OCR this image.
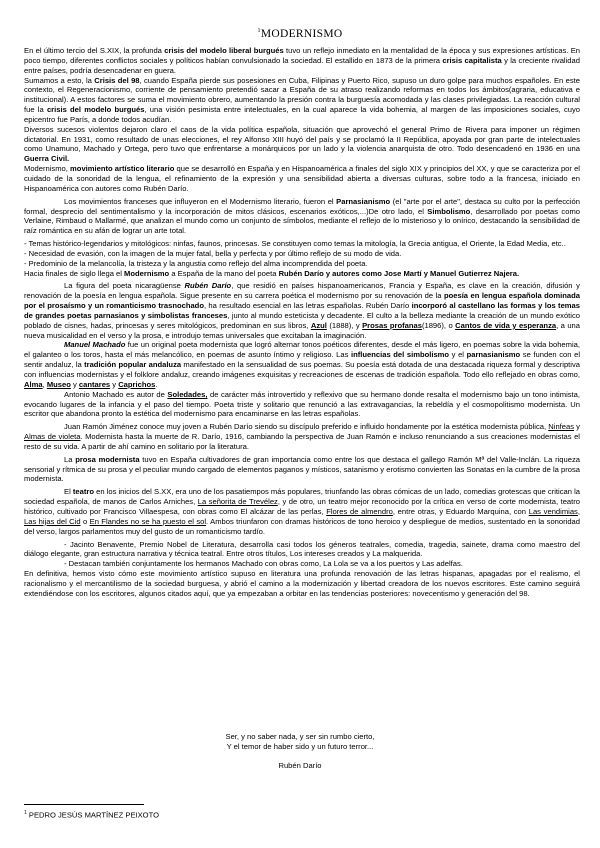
$^1$MODERNISMO

En el último tercio del S.XIX, la profunda crisis del modelo liberal burgués tuvo un reflejo inmediato en la mentalidad de la época y sus expresiones artísticas. En poco tiempo, diferentes conflictos sociales y políticos habían convulsionado la sociedad. El estallido en 1873 de la primera crisis capitalista y la creciente rivalidad entre países, podría desencadenar en guera.

Sumamos a esto, la Crisis del 98, cuando España pierde sus posesiones en Cuba, Filipinas y Puerto Rico, supuso un duro golpe para muchos españoles. En este contexto, el Regeneracionismo, corriente de pensamiento pretendió sacar a España de su atraso realizando reformas en todos los ámbitos(agraria, educativa e institucional). A estos factores se suma el movimiento obrero, aumentando la presión contra la burguesía acomodada y las clases privilegiadas. La reacción cultural fue la crisis del modelo burgués, una visión pesimista entre intelectuales, en la cual aparece la vida bohemia, al margen de las imposiciones sociales, cuyo epicentro fue París, a donde todos acudían.

Diversos sucesos violentos dejaron claro el caos de la vida política española, situación que aprovechó el general Primo de Rivera para imponer un régimen dictatorial. En 1931, como resultado de unas elecciones, el rey Alfonso XIII huyó del país y se proclamó la II República, apoyada por gran parte de intelectuales como Unamuno, Machado y Ortega, pero tuvo que enfrentarse a monárquicos por un lado y la violencia anarquista de otro. Todo desencadenó en 1936 en una Guerra Civil.

Modernismo, movimiento artístico literario que se desarrolló en España y en Hispanoamérica a finales del siglo XIX y principios del XX, y que se caracteriza por el cuidado de la sonoridad de la lengua, el refinamiento de la expresión y una sensibilidad abierta a diversas culturas, sobre todo a la francesa, iniciado en Hispanoamérica con autores como Rubén Darío.

Los movimientos franceses que influyeron en el Modernismo literario, fueron el Parnasianismo (el "arte por el arte", destaca su culto por la perfección formal, desprecio del sentimentalismo y la incorporación de mitos clásicos, escenarios exóticos,...)De otro lado, el Simbolismo, desarrollado por poetas como Verlaine, Rimbaud o Mallarmé, que analizan el mundo como un conjunto de símbolos, mediante el reflejo de lo misterioso y lo onírico, destacando la sensibilidad de raíz romántica en su afán de lograr un arte total.

- Temas histórico-legendarios y mitológicos: ninfas, faunos, princesas. Se constituyen como temas la mitología, la Grecia antigua, el Oriente, la Edad Media, etc..

- Necesidad de evasión, con la imagen de la mujer fatal, bella y perfecta y por último reflejo de su modo de vida.

- Predominio de la melancolía, la tristeza y la angustia como reflejo del alma incomprendida del poeta.

Hacia finales de siglo llega el Modernismo a España de la mano del poeta Rubén Darío y autores como Jose Martí y Manuel Gutierrez Najera.

La figura del poeta nicaragüense Rubén Darío, que residió en países hispanoamericanos, Francia y España, es clave en la creación, difusión y renovación de la poesía en lengua española. Sigue presente en su carrera poética el modernismo por su renovación de la poesía en lengua española dominada por el prosaísmo y un romanticismo trasnochado, ha resultado esencial en las letras españolas. Rubén Darío incorporó al castellano las formas y los temas de grandes poetas parnasianos y simbolistas franceses, junto al mundo esteticista y decadente. El culto a la belleza mediante la creación de un mundo exótico poblado de cisnes, hadas, princesas y seres mitológicos, predominan en sus libros, Azul (1888), y Prosas profanas(1896), o Cantos de vida y esperanza, a una nueva musicalidad en el verso y la prosa, e introdujo temas universales que excitaban la imaginación.

Manuel Machado fue un original poeta modernista que logró alternar tonos poéticos diferentes, desde el más ligero, en poemas sobre la vida bohemia, el galanteo o los toros, hasta el más melancólico, en poemas de asunto íntimo y religioso. Las influencias del simbolismo y el parnasianismo se funden con el sentir andaluz, la tradición popular andaluza manifestado en la sensualidad de sus poemas. Su poesía está dotada de una destacada riqueza formal y descriptiva con influencias modernistas y el folklore andaluz, creando imágenes exquisitas y recreaciones de escenas de tradición española. Todo ello reflejado en obras como, Alma, Museo y cantares y Caprichos.

Antonio Machado es autor de Soledades, de carácter más introvertido y reflexivo que su hermano donde resalta el modernismo bajo un tono intimista, evocando lugares de la infancia y el paso del tiempo. Poeta triste y solitario que renunció a las extravagancias, la rebeldía y el cosmopolitismo modernista. Un escritor que abandona pronto la estética del modernismo para encaminarse en las letras españolas.

Juan Ramón Jiménez conoce muy joven a Rubén Darío siendo su discípulo preferido e influido hondamente por la estética modernista pública, Ninfeas y Almas de violeta. Modernista hasta la muerte de R. Darío, 1916, cambiando la perspectiva de Juan Ramón e incluso renunciando a sus creaciones modernistas el resto de su vida. A partir de ahí camino en solitario por la literatura.

La prosa modernista tuvo en España cultivadores de gran importancia como entre los que destaca el gallego Ramón Mª del Valle-Inclán. La riqueza sensorial y rítmica de su prosa y el peculiar mundo cargado de elementos paganos y místicos, satanismo y erotismo convierten las Sonatas en la cumbre de la prosa modernista.

El teatro en los inicios del S.XX, era uno de los pasatiempos más populares, triunfando las obras cómicas de un lado, comedias grotescas que critican la sociedad española, de manos de Carlos Arniches, La señorita de Trevélez, y de otro, un teatro mejor reconocido por la crítica en verso de corte modernista, teatro histórico, cultivado por Francisco Villaespesa, con obras como El alcázar de las perlas, Flores de almendro, entre otras, y Eduardo Marquina, con Las vendimias, Las hijas del Cid o En Flandes no se ha puesto el sol. Ambos triunfaron con dramas históricos de tono heroico y despliegue de medios, sustentado en la sonoridad del verso, largos parlamentos muy del gusto de un romanticismo tardío.

- Jacinto Benavente, Premio Nobel de Literatura, desarrolla casi todos los géneros teatrales, comedia, tragedia, sainete, drama como maestro del diálogo elegante, gran estructura narrativa y técnica teatral. Entre otros títulos, Los intereses creados y La malquerida.

- Destacan también conjuntamente los hermanos Machado con obras como, La Lola se va a los puertos y Las adelfas.

En definitiva, hemos visto cómo este movimiento artístico supuso en literatura una profunda renovación de las letras hispanas, apagadas por el realismo, el racionalismo y el mercantilismo de la sociedad burguesa, y abrió el camino a la modernización y libertad creadora de los nuevos escritores. Este camino seguirá extendiéndose con los escritores, algunos citados aquí, que ya empezaban a orbitar en las tendencias posteriores: novecentismo y generación del 98.

Ser, y no saber nada, y ser sin rumbo cierto,
Y el temor de haber sido y un futuro terror...
Rubén Darío
$^1$ PEDRO JESÚS MARTÍNEZ PEIXOTO
